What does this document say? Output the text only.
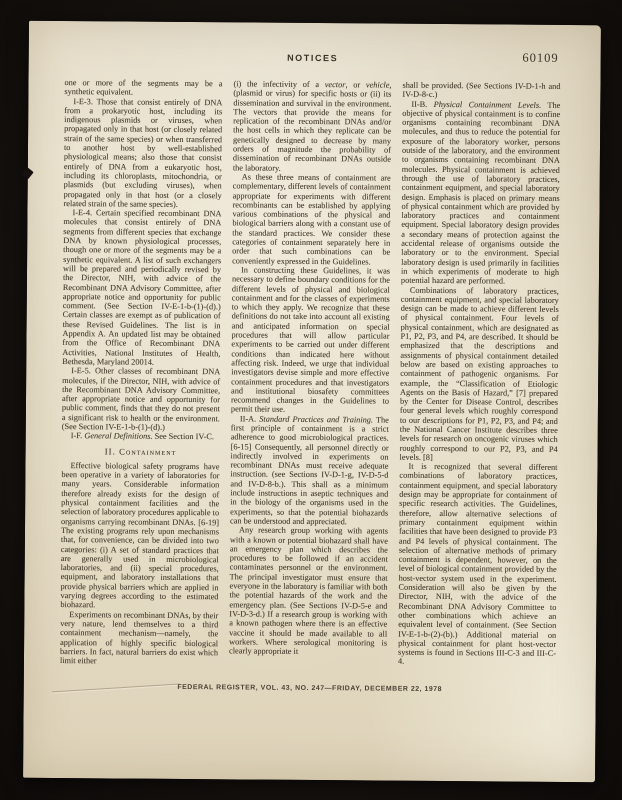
NOTICES	60109

one or more of the segments may be a synthetic equivalent.

I-E-3. Those that consist entirely of DNA from a prokaryotic host, including its indigenous plasmids or viruses, when propagated only in that host (or closely related strain of the same species) or when transferred to another host by well-established physiological means; also those that consist entirely of DNA from a eukaryotic host, including its chloroplasts, mitochondria, or plasmids (but excluding viruses), when propagated only in that host (or a closely related strain of the same species).

I-E-4. Certain specified recombinant DNA molecules that consist entirely of DNA segments from different species that exchange DNA by known physiological processes, though one or more of the segments may be a synthetic equivalent. A list of such exchangers will be prepared and periodically revised by the Director, NIH, with advice of the Recombinant DNA Advisory Committee, after appropriate notice and opportunity for public comment. (See Section IV-E-1-b-(1)-(d).) Certain classes are exempt as of publication of these Revised Guidelines. The list is in Appendix A. An updated list may be obtained from the Office of Recombinant DNA Activities, National Institutes of Health, Bethesda, Maryland 20014.

I-E-5. Other classes of recombinant DNA molecules, if the Director, NIH, with advice of the Recombinant DNA Advisory Committee, after appropriate notice and opportunity for public comment, finds that they do not present a significant risk to health or the environment. (See Section IV-E-1-b-(1)-(d).)

I-F. General Definitions. See Section IV-C.

II. Containment

Effective biological safety programs have been operative in a variety of laboratories for many years. Considerable information therefore already exists for the design of physical containment facilities and the selection of laboratory procedures applicable to organisms carrying recombinant DNAs. [6-19] The existing programs rely upon mechanisms that, for convenience, can be divided into two categories: (i) A set of standard practices that are generally used in microbiological laboratories, and (ii) special procedures, equipment, and laboratory installations that provide physical barriers which are applied in varying degrees according to the estimated biohazard.

Experiments on recombinant DNAs, by their very nature, lend themselves to a third containment mechanism—namely, the application of highly specific biological barriers. In fact, natural barriers do exist which limit either

(i) the infectivity of a vector, or vehicle, (plasmid or virus) for specific hosts or (ii) its dissemination and survival in the environment. The vectors that provide the means for replication of the recombinant DNAs and/or the host cells in which they replicate can be genetically designed to decrease by many orders of magnitude the probability of dissemination of recombinant DNAs outside the laboratory.

As these three means of containment are complementary, different levels of containment appropriate for experiments with different recombinants can be established by applying various combinations of the physical and biological barriers along with a constant use of the standard practices. We consider these categories of containment separately here in order that such combinations can be conveniently expressed in the Guidelines.

In constructing these Guidelines, it was necessary to define boundary conditions for the different levels of physical and biological containment and for the classes of experiments to which they apply. We recognize that these definitions do not take into account all existing and anticipated information on special procedures that will allow particular experiments to be carried out under different conditions than indicated here without affecting risk. Indeed, we urge that individual investigators devise simple and more effective containment procedures and that investigators and institutional biosafety committees recommend changes in the Guidelines to permit their use.

II-A. Standard Practices and Training. The first principle of containment is a strict adherence to good microbiological practices. [6-15] Consequently, all personnel directly or indirectly involved in experiments on recombinant DNAs must receive adequate instruction. (see Sections IV-D-1-g, IV-D-5-d and IV-D-8-b.). This shall as a minimum include instructions in aseptic techniques and in the biology of the organisms used in the experiments, so that the potential biohazards can be understood and appreciated.

Any research group working with agents with a known or potential biohazard shall have an emergency plan which describes the procedures to be followed if an accident contaminates personnel or the environment. The principal investigator must ensure that everyone in the laboratory is familiar with both the potential hazards of the work and the emergency plan. (See Sections IV-D-5-e and IV-D-3-d.) If a research group is working with a known pathogen where there is an effective vaccine it should be made available to all workers. Where serological monitoring is clearly appropriate it

shall be provided. (See Sections IV-D-1-h and IV-D-8-c.)

II-B. Physical Containment Levels. The objective of physical containment is to confine organisms containing recombinant DNA molecules, and thus to reduce the potential for exposure of the laboratory worker, persons outside of the laboratory, and the environment to organisms containing recombinant DNA molecules. Physical containment is achieved through the use of laboratory practices, containment equipment, and special laboratory design. Emphasis is placed on primary means of physical containment which are provided by laboratory practices and containment equipment. Special laboratory design provides a secondary means of protection against the accidental release of organisms outside the laboratory or to the environment. Special laboratory design is used primarily in facilities in which experiments of moderate to high potential hazard are performed.

Combinations of laboratory practices, containment equipment, and special laboratory design can be made to achieve different levels of physical containment. Four levels of physical containment, which are designated as P1, P2, P3, and P4, are described. It should be emphasized that the descriptions and assignments of physical containment detailed below are based on existing approaches to containment of pathogenic organisms. For example, the “Classification of Etiologic Agents on the Basis of Hazard,” [7] prepared by the Center for Disease Control, describes four general levels which roughly correspond to our descriptions for P1, P2, P3, and P4; and the National Cancer Institute describes three levels for research on oncogenic viruses which roughly correspond to our P2, P3, and P4 levels. [8]

It is recognized that several different combinations of laboratory practices, containment equipment, and special laboratory design may be appropriate for containment of specific research activities. The Guidelines, therefore, allow alternative selections of primary containment equipment within facilities that have been designed to provide P3 and P4 levels of physical containment. The selection of alternative methods of primary containment is dependent, however, on the level of biological containment provided by the host-vector system used in the experiment. Consideration will also be given by the Director, NIH, with the advice of the Recombinant DNA Advisory Committee to other combinations which achieve an equivalent level of containment. (See Section IV-E-1-b-(2)-(b).) Additional material on physical containment for plant host-vector systems is found in Sections III-C-3 and III-C-4.

FEDERAL REGISTER, VOL. 43, NO. 247—FRIDAY, DECEMBER 22, 1978
